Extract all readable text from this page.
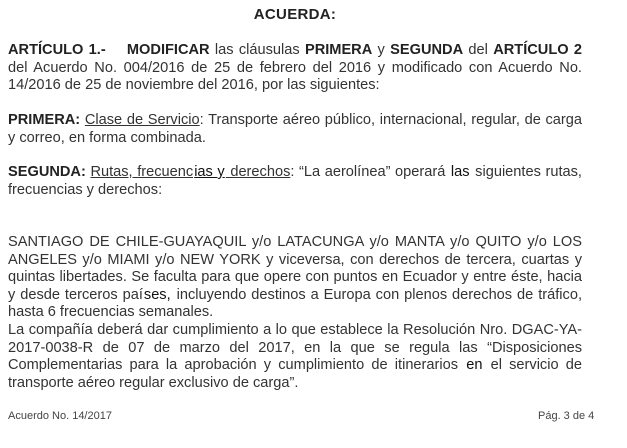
ACUERDA:
ARTÍCULO 1.- MODIFICAR las cláusulas PRIMERA y SEGUNDA del ARTÍCULO 2 del Acuerdo No. 004/2016 de 25 de febrero del 2016 y modificado con Acuerdo No. 14/2016 de 25 de noviembre del 2016, por las siguientes:
PRIMERA: Clase de Servicio: Transporte aéreo público, internacional, regular, de carga y correo, en forma combinada.
SEGUNDA: Rutas, frecuencias y derechos: “La aerolínea” operará las siguientes rutas, frecuencias y derechos:
SANTIAGO DE CHILE-GUAYAQUIL y/o LATACUNGA y/o MANTA y/o QUITO y/o LOS ANGELES y/o MIAMI y/o NEW YORK y viceversa, con derechos de tercera, cuartas y quintas libertades. Se faculta para que opere con puntos en Ecuador y entre éste, hacia y desde terceros países, incluyendo destinos a Europa con plenos derechos de tráfico, hasta 6 frecuencias semanales.
La compañía deberá dar cumplimiento a lo que establece la Resolución Nro. DGAC-YA-2017-0038-R de 07 de marzo del 2017, en la que se regula las “Disposiciones Complementarias para la aprobación y cumplimiento de itinerarios en el servicio de transporte aéreo regular exclusivo de carga”.
Acuerdo No. 14/2017	Pág. 3 de 4
